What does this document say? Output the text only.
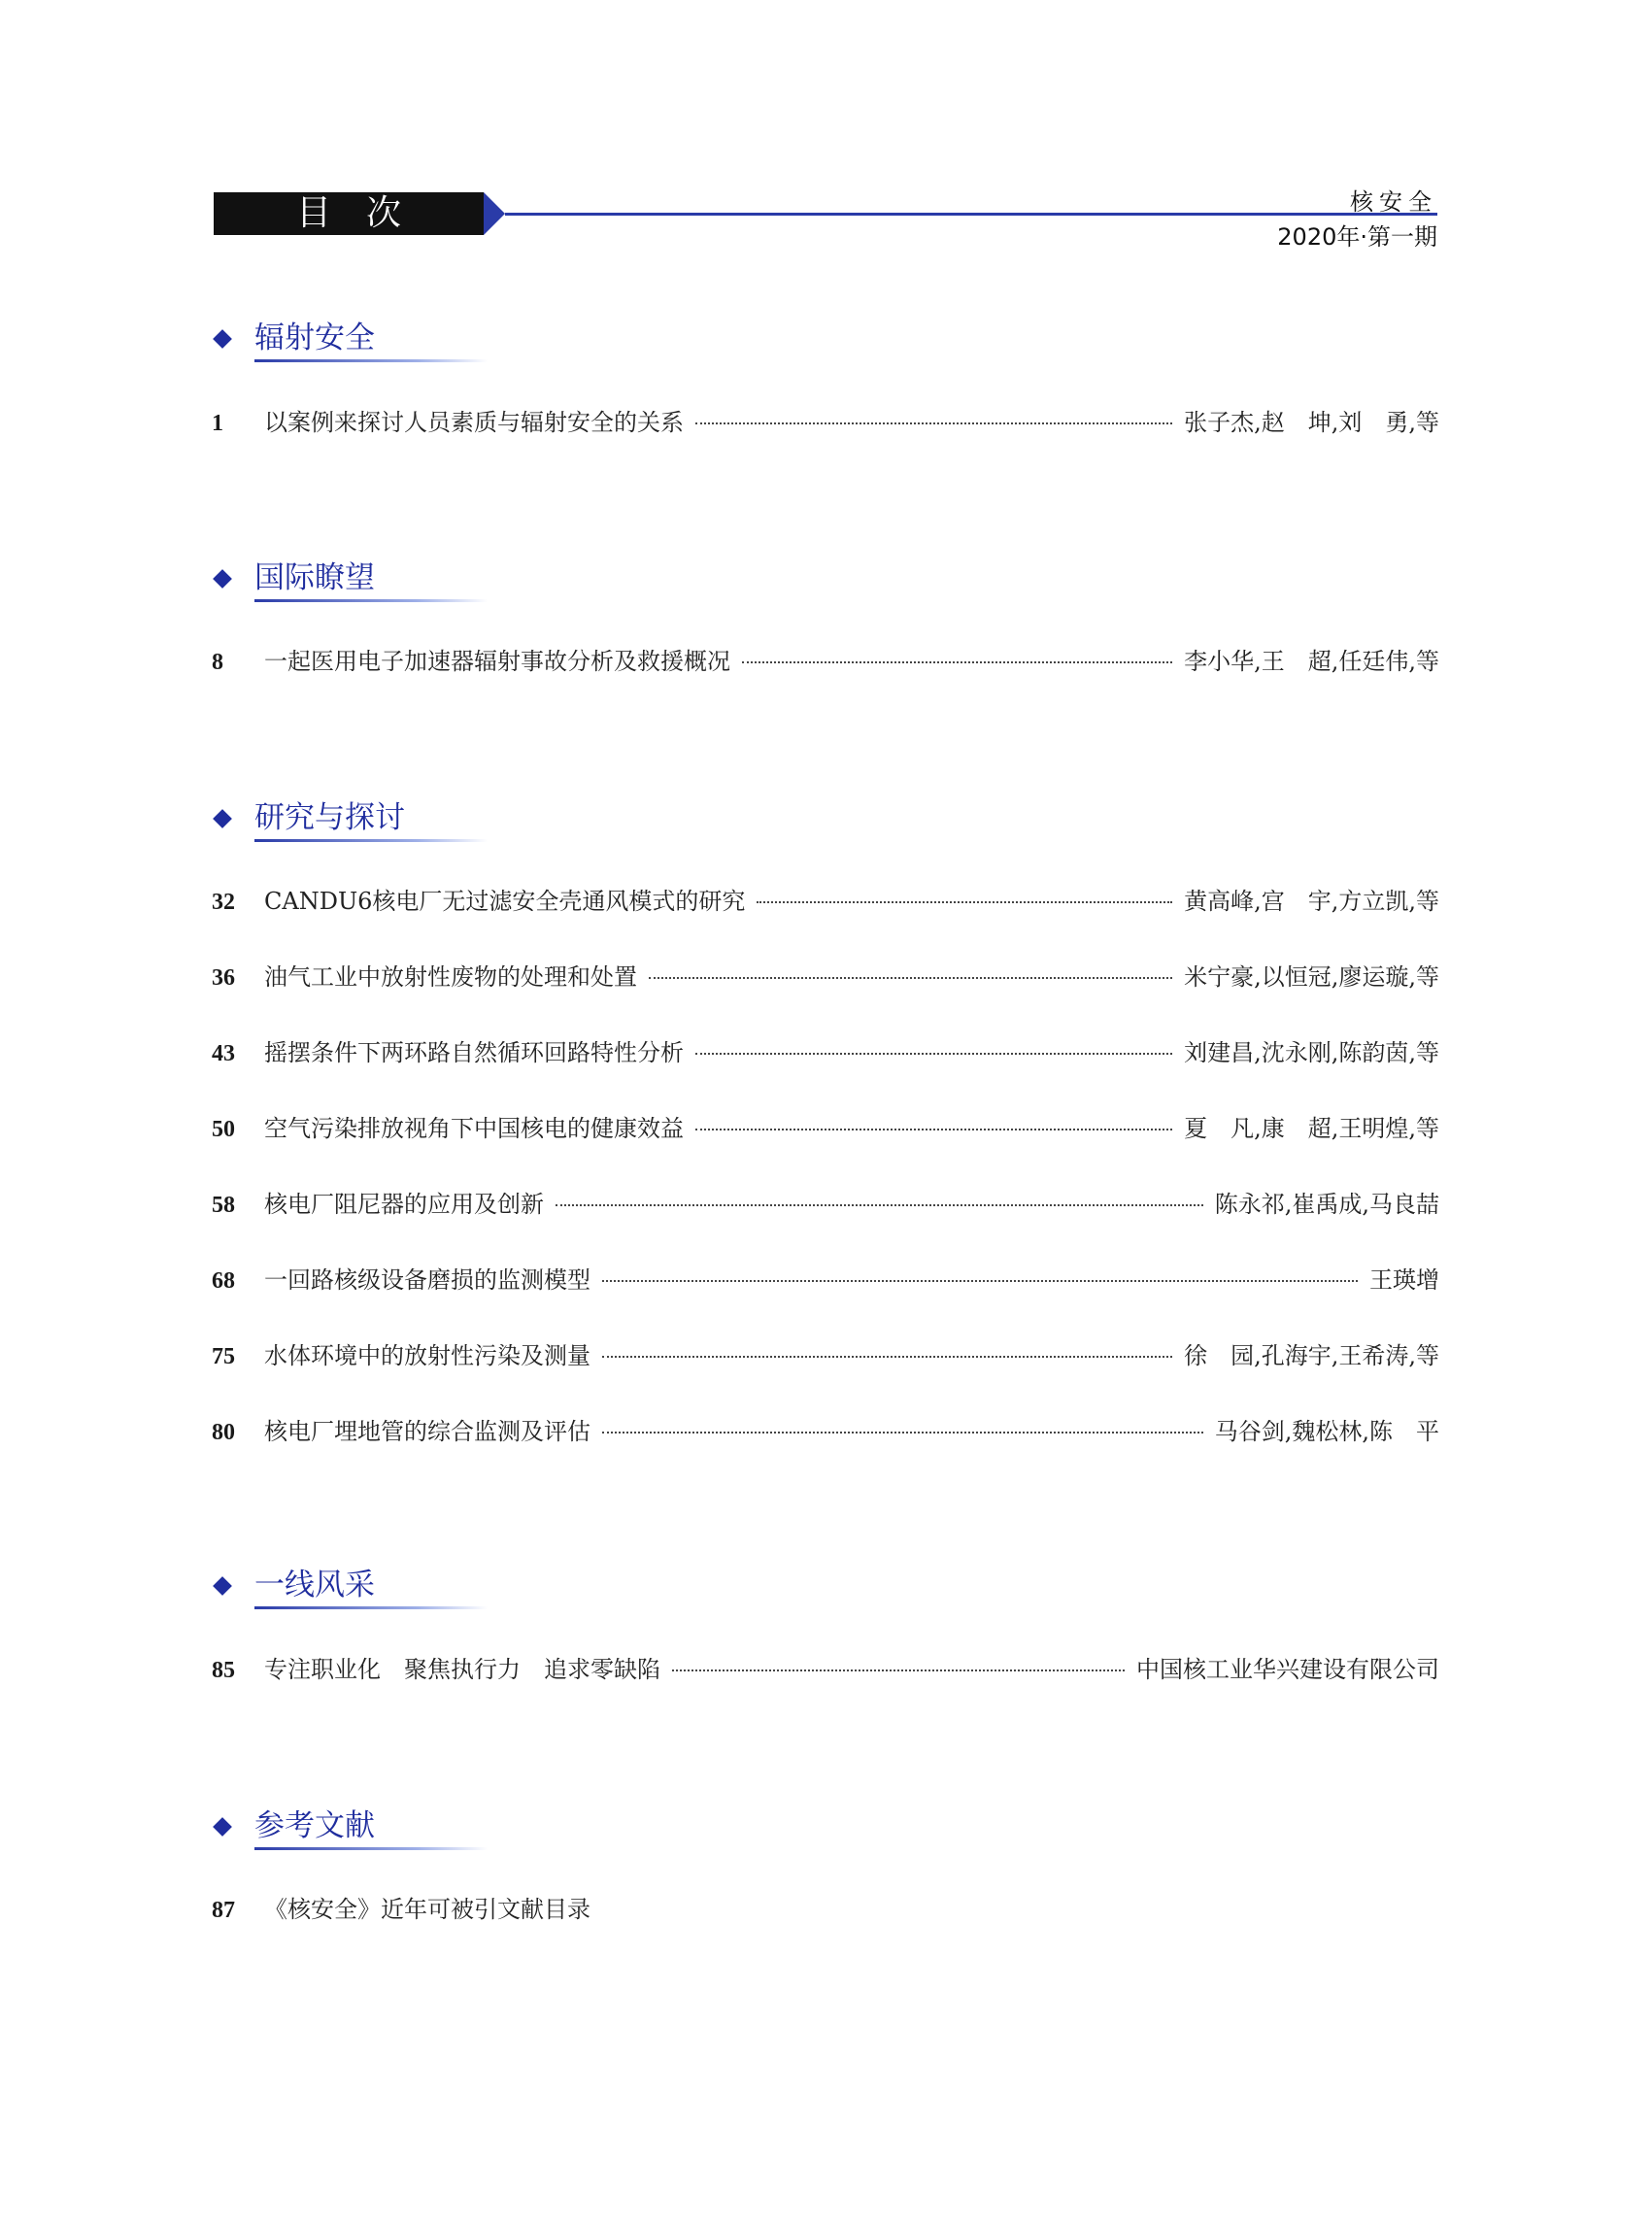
目次	核安全
2020年·第一期
辐射安全
1	以案例来探讨人员素质与辐射安全的关系	张子杰,赵　坤,刘　勇,等
国际瞭望
8	一起医用电子加速器辐射事故分析及救援概况	李小华,王　超,任廷伟,等
研究与探讨
32	CANDU6核电厂无过滤安全壳通风模式的研究	黄高峰,宫　宇,方立凯,等
36	油气工业中放射性废物的处理和处置	米宁豪,以恒冠,廖运璇,等
43	摇摆条件下两环路自然循环回路特性分析	刘建昌,沈永刚,陈韵茵,等
50	空气污染排放视角下中国核电的健康效益	夏　凡,康　超,王明煌,等
58	核电厂阻尼器的应用及创新	陈永祁,崔禹成,马良喆
68	一回路核级设备磨损的监测模型	王瑛增
75	水体环境中的放射性污染及测量	徐　园,孔海宇,王希涛,等
80	核电厂埋地管的综合监测及评估	马谷剑,魏松林,陈　平
一线风采
85	专注职业化　聚焦执行力　追求零缺陷	中国核工业华兴建设有限公司
参考文献
87	《核安全》近年可被引文献目录
